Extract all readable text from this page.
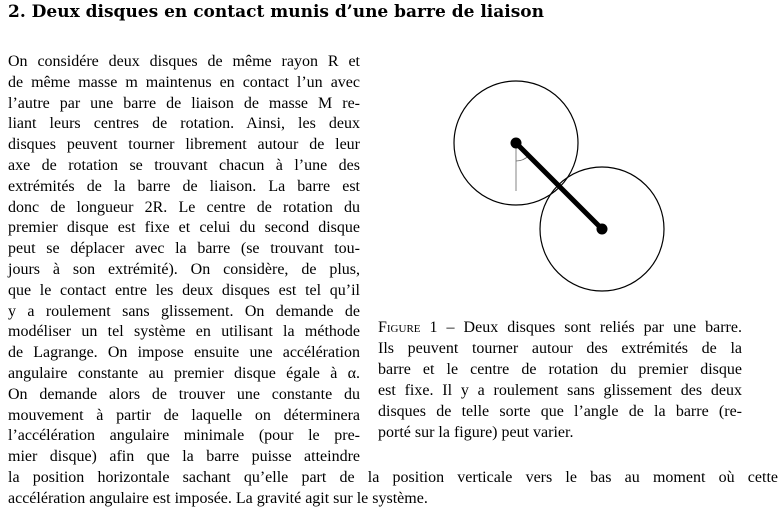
2. Deux disques en contact munis d’une barre de liaison
On considére deux disques de même rayon R et
de même masse m maintenus en contact l’un avec
l’autre par une barre de liaison de masse M re-
liant leurs centres de rotation. Ainsi, les deux
disques peuvent tourner librement autour de leur
axe de rotation se trouvant chacun à l’une des
extrémités de la barre de liaison. La barre est
donc de longueur 2R. Le centre de rotation du
premier disque est fixe et celui du second disque
peut se déplacer avec la barre (se trouvant tou-
jours à son extrémité). On considère, de plus,
que le contact entre les deux disques est tel qu’il
y a roulement sans glissement. On demande de
modéliser un tel système en utilisant la méthode
de Lagrange. On impose ensuite une accélération
angulaire constante au premier disque égale à α.
On demande alors de trouver une constante du
mouvement à partir de laquelle on déterminera
l’accélération angulaire minimale (pour le pre-
mier disque) afin que la barre puisse atteindre
la position horizontale sachant qu’elle part de la position verticale vers le bas au moment où cette
accélération angulaire est imposée. La gravité agit sur le système.
Figure 1 – Deux disques sont reliés par une barre.
Ils peuvent tourner autour des extrémités de la
barre et le centre de rotation du premier disque
est fixe. Il y a roulement sans glissement des deux
disques de telle sorte que l’angle de la barre (re-
porté sur la figure) peut varier.
